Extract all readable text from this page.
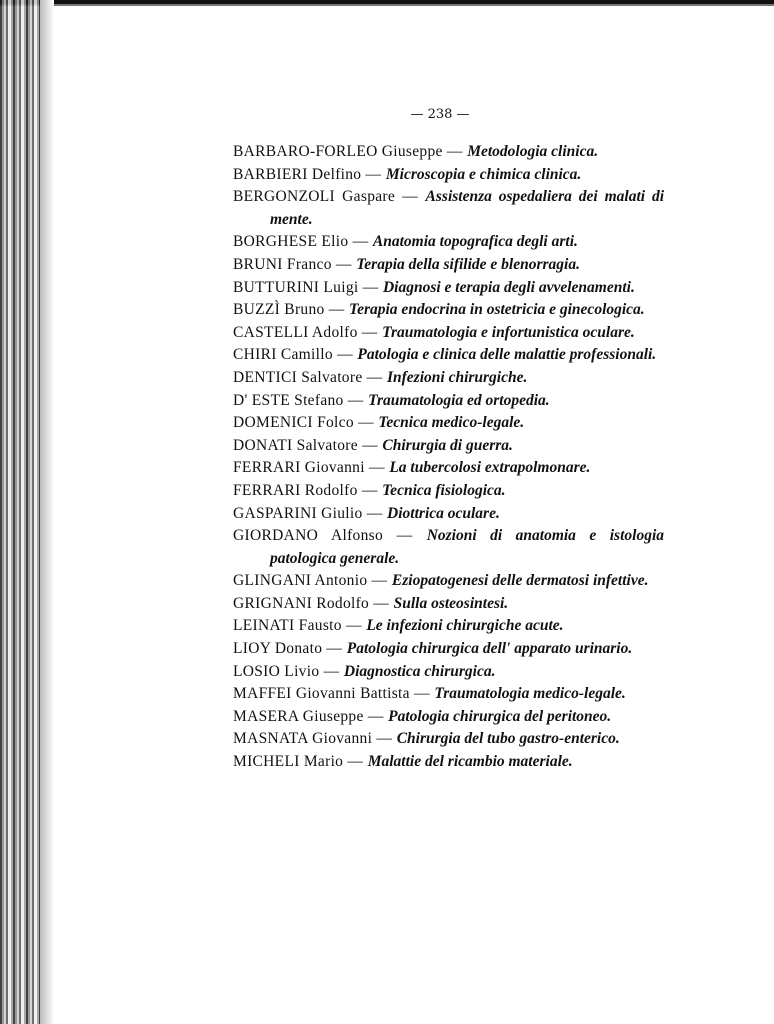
— 238 —
BARBARO-FORLEO Giuseppe — Metodologia clinica.
BARBIERI Delfino — Microscopia e chimica clinica.
BERGONZOLI Gaspare — Assistenza ospedaliera dei malati di mente.
BORGHESE Elio — Anatomia topografica degli arti.
BRUNI Franco — Terapia della sifilide e blenorragia.
BUTTURINI Luigi — Diagnosi e terapia degli avvelenamenti.
BUZZÌ Bruno — Terapia endocrina in ostetricia e ginecologica.
CASTELLI Adolfo — Traumatologia e infortunistica oculare.
CHIRI Camillo — Patologia e clinica delle malattie professionali.
DENTICI Salvatore — Infezioni chirurgiche.
D' ESTE Stefano — Traumatologia ed ortopedia.
DOMENICI Folco — Tecnica medico-legale.
DONATI Salvatore — Chirurgia di guerra.
FERRARI Giovanni — La tubercolosi extrapolmonare.
FERRARI Rodolfo — Tecnica fisiologica.
GASPARINI Giulio — Diottrica oculare.
GIORDANO Alfonso — Nozioni di anatomia e istologia patologica generale.
GLINGANI Antonio — Eziopatogenesi delle dermatosi infettive.
GRIGNANI Rodolfo — Sulla osteosintesi.
LEINATI Fausto — Le infezioni chirurgiche acute.
LIOY Donato — Patologia chirurgica dell' apparato urinario.
LOSIO Livio — Diagnostica chirurgica.
MAFFEI Giovanni Battista — Traumatologia medico-legale.
MASERA Giuseppe — Patologia chirurgica del peritoneo.
MASNATA Giovanni — Chirurgia del tubo gastro-enterico.
MICHELI Mario — Malattie del ricambio materiale.
